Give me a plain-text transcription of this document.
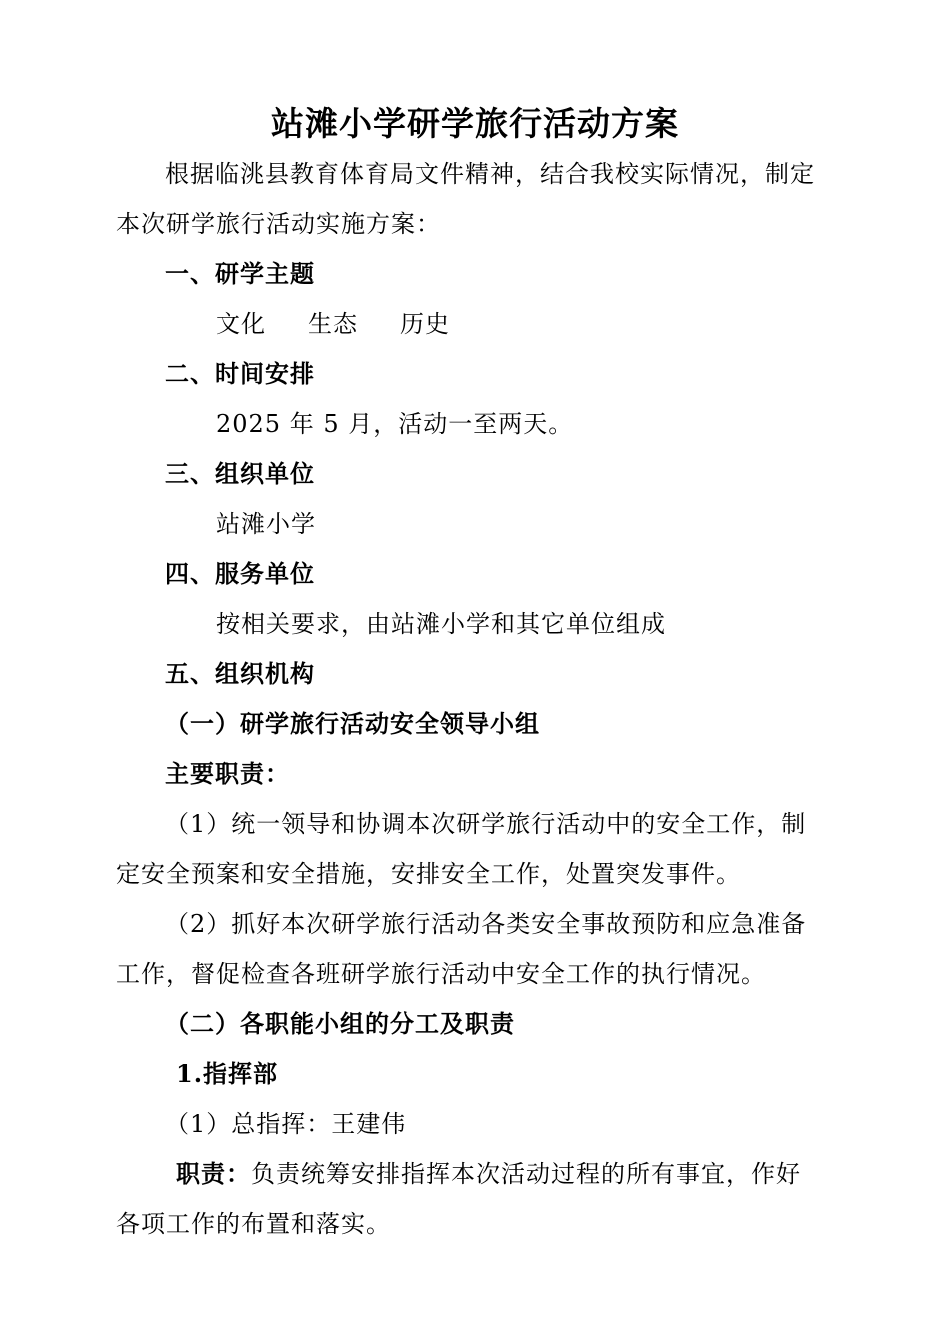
站滩小学研学旅行活动方案
根据临洮县教育体育局文件精神，结合我校实际情况，制定
本次研学旅行活动实施方案：
一、研学主题
文化 生态 历史
二、时间安排
2025 年 5 月，活动一至两天。
三、组织单位
站滩小学
四、服务单位
按相关要求，由站滩小学和其它单位组成
五、组织机构
（一）研学旅行活动安全领导小组
主要职责：
（1）统一领导和协调本次研学旅行活动中的安全工作，制
定安全预案和安全措施，安排安全工作，处置突发事件。
（2）抓好本次研学旅行活动各类安全事故预防和应急准备
工作，督促检查各班研学旅行活动中安全工作的执行情况。
（二）各职能小组的分工及职责
1.指挥部
（1）总指挥：王建伟
职责：负责统筹安排指挥本次活动过程的所有事宜，作好
各项工作的布置和落实。
